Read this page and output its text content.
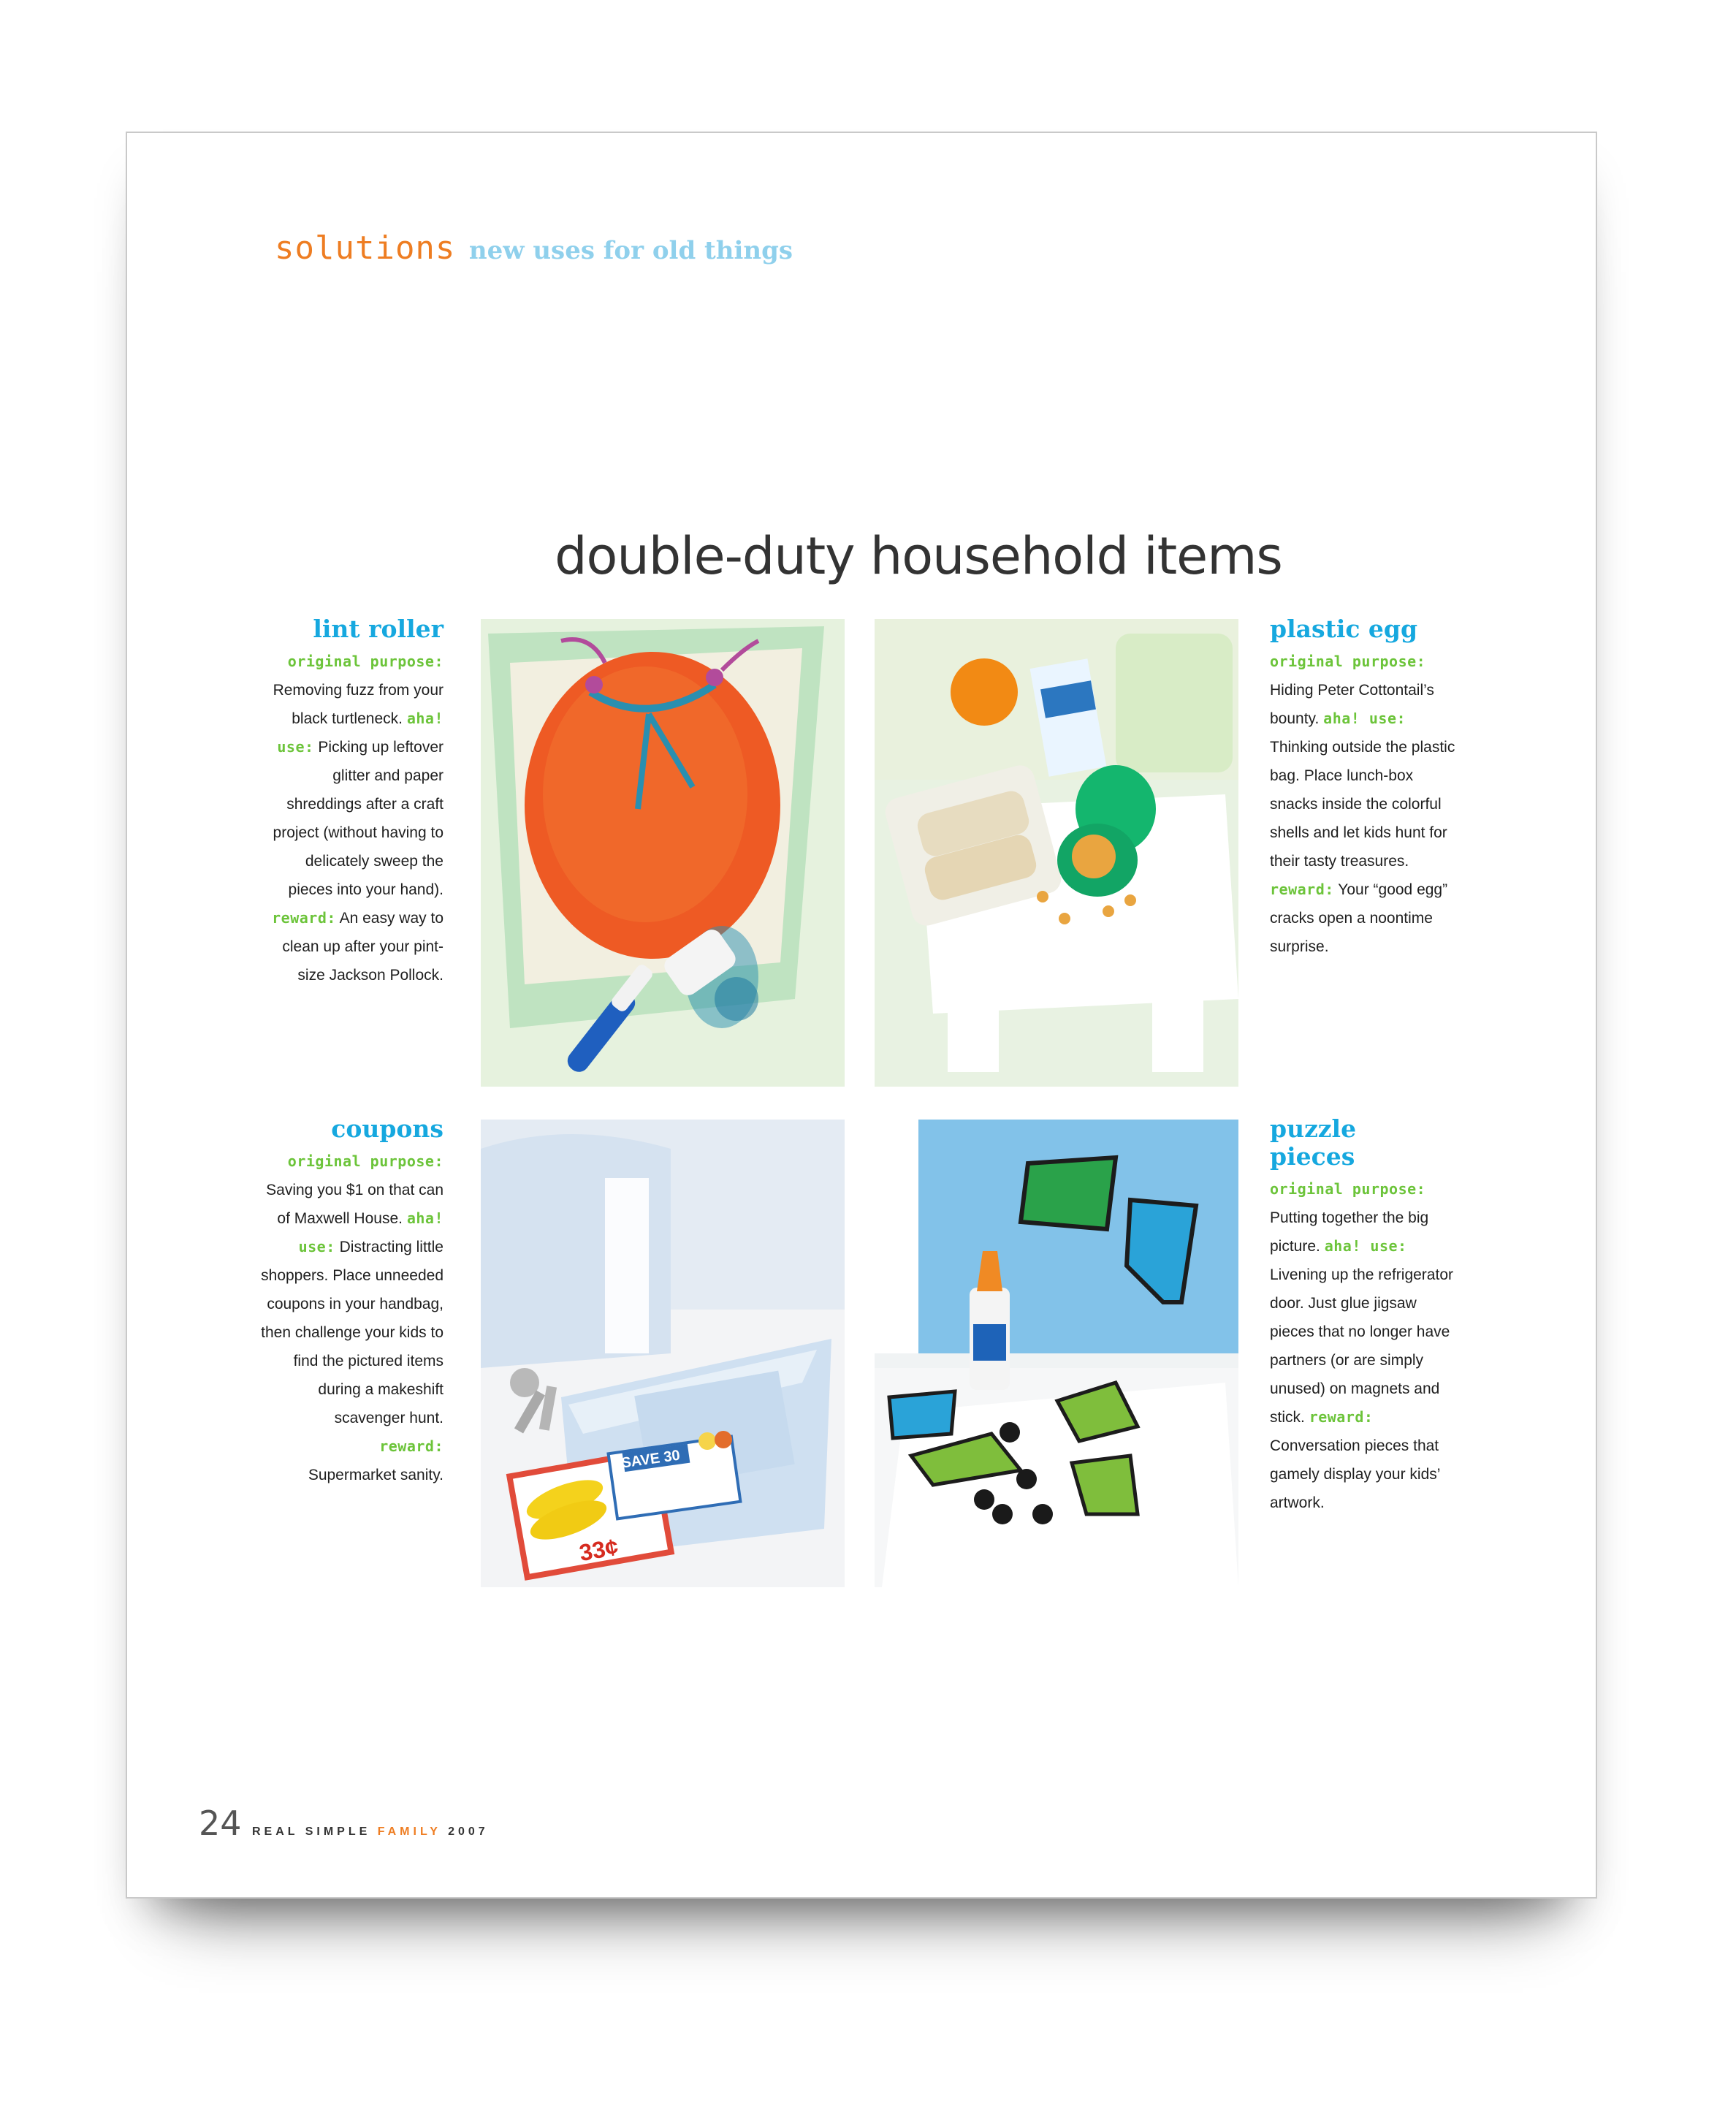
solutions new uses for old things
double-duty household items
lint roller
original purpose:
Removing fuzz from your black turtleneck. aha! use: Picking up leftover glitter and paper shreddings after a craft project (without having to delicately sweep the pieces into your hand). reward: An easy way to clean up after your pint-size Jackson Pollock.
plastic egg
original purpose:
Hiding Peter Cottontail’s bounty. aha! use: Thinking outside the plastic bag. Place lunch-box snacks inside the colorful shells and let kids hunt for their tasty treasures. reward: Your “good egg” cracks open a noontime surprise.
coupons
original purpose:
Saving you $1 on that can of Maxwell House. aha! use: Distracting little shoppers. Place unneeded coupons in your handbag, then challenge your kids to find the pictured items during a makeshift scavenger hunt.
reward:
Supermarket sanity.
SAVE 30
33¢
puzzle pieces
original purpose:
Putting together the big picture. aha! use: Livening up the refrigerator door. Just glue jigsaw pieces that no longer have partners (or are simply unused) on magnets and stick. reward: Conversation pieces that gamely display your kids’ artwork.
24 REAL SIMPLE FAMILY 2007
